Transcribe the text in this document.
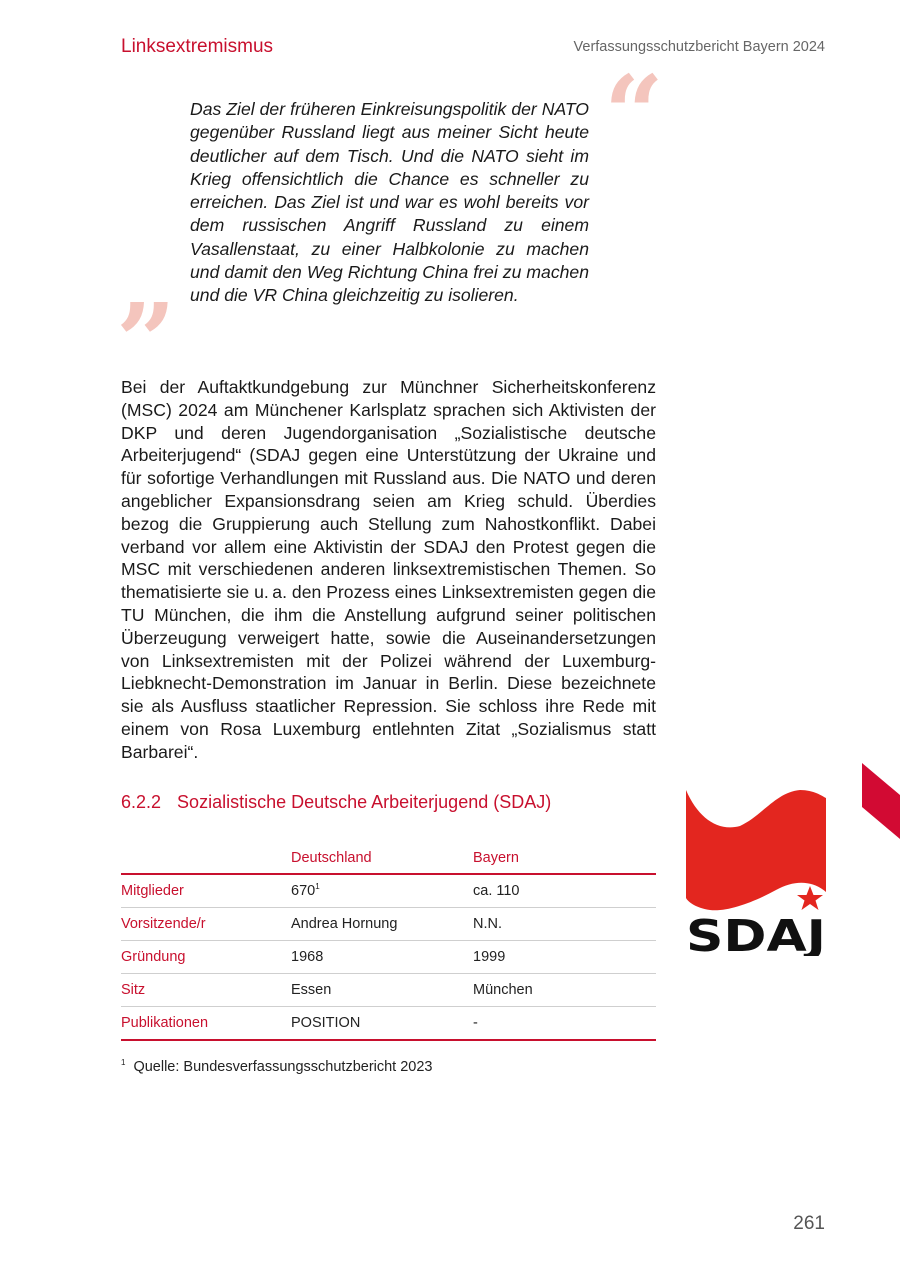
Linksextremismus	Verfassungsschutzbericht Bayern 2024
“
Das Ziel der früheren Einkreisungspolitik der NATO gegenüber Russland liegt aus meiner Sicht heute deutlicher auf dem Tisch. Und die NATO sieht im Krieg offensichtlich die Chance es schneller zu erreichen. Das Ziel ist und war es wohl bereits vor dem russischen Angriff Russland zu einem Vasallenstaat, zu einer Halbkolonie zu machen und damit den Weg Richtung China frei zu machen und die VR China gleichzeitig zu isolieren.
”
Bei der Auftaktkundgebung zur Münchner Sicherheitskonferenz (MSC) 2024 am Münchener Karlsplatz sprachen sich Aktivisten der DKP und deren Jugendorganisation „Sozialistische deutsche Arbeiterjugend“ (SDAJ gegen eine Unterstützung der Ukraine und für sofortige Verhandlungen mit Russland aus. Die NATO und deren angeblicher Expansionsdrang seien am Krieg schuld. Überdies bezog die Gruppierung auch Stellung zum Nahostkonflikt. Dabei verband vor allem eine Aktivistin der SDAJ den Protest gegen die MSC mit verschiedenen anderen linksextremistischen Themen. So thematisierte sie u. a. den Prozess eines Linksextremisten gegen die TU München, die ihm die Anstellung aufgrund seiner politischen Überzeugung verweigert hatte, sowie die Auseinandersetzungen von Linksextremisten mit der Polizei während der Luxemburg-Liebknecht-Demonstration im Januar in Berlin. Diese bezeichnete sie als Ausfluss staatlicher Repression. Sie schloss ihre Rede mit einem von Rosa Luxemburg entlehnten Zitat „Sozialismus statt Barbarei“.
6.2.2 Sozialistische Deutsche Arbeiterjugend (SDAJ)
	Deutschland	Bayern
Mitglieder	$670^1$	ca. 110
Vorsitzende/r	Andrea Hornung	N.N.
Gründung	1968	1999
Sitz	Essen	München
Publikationen	POSITION	-
$^1$ Quelle: Bundesverfassungsschutzbericht 2023
SDAJ
261
